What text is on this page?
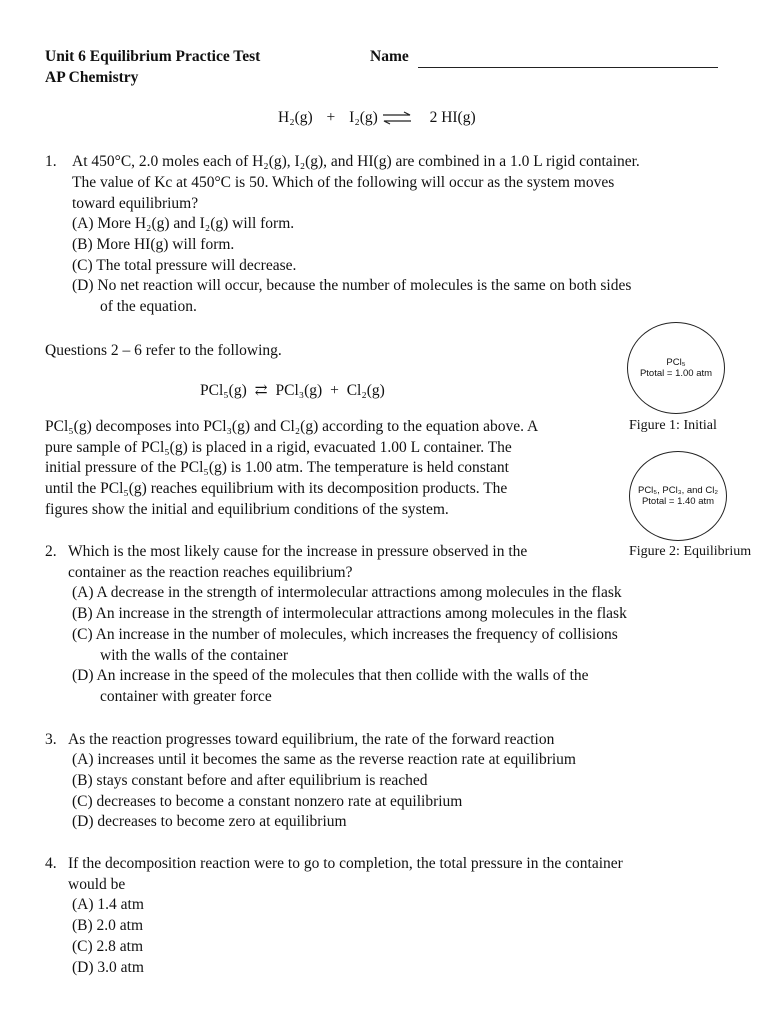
Unit 6 Equilibrium Practice Test
AP Chemistry
Name
H₂(g) + I₂(g) ⇌ 2 HI(g)
1. At 450°C, 2.0 moles each of H₂(g), I₂(g), and HI(g) are combined in a 1.0 L rigid container.
The value of Kc at 450°C is 50. Which of the following will occur as the system moves
toward equilibrium?
(A) More H₂(g) and I₂(g) will form.
(B) More HI(g) will form.
(C) The total pressure will decrease.
(D) No net reaction will occur, because the number of molecules is the same on both sides
of the equation.
Questions 2 – 6 refer to the following.
PCl₅(g) ⇄ PCl₃(g) + Cl₂(g)
PCl₅(g) decomposes into PCl₃(g) and Cl₂(g) according to the equation above. A
pure sample of PCl₅(g) is placed in a rigid, evacuated 1.00 L container. The
initial pressure of the PCl₅(g) is 1.00 atm. The temperature is held constant
until the PCl₅(g) reaches equilibrium with its decomposition products. The
figures show the initial and equilibrium conditions of the system.
PCl₅
Ptotal = 1.00 atm
Figure 1: Initial
PCl₅, PCl₃, and Cl₂
Ptotal = 1.40 atm
Figure 2: Equilibrium
2. Which is the most likely cause for the increase in pressure observed in the
container as the reaction reaches equilibrium?
(A) A decrease in the strength of intermolecular attractions among molecules in the flask
(B) An increase in the strength of intermolecular attractions among molecules in the flask
(C) An increase in the number of molecules, which increases the frequency of collisions
with the walls of the container
(D) An increase in the speed of the molecules that then collide with the walls of the
container with greater force
3. As the reaction progresses toward equilibrium, the rate of the forward reaction
(A) increases until it becomes the same as the reverse reaction rate at equilibrium
(B) stays constant before and after equilibrium is reached
(C) decreases to become a constant nonzero rate at equilibrium
(D) decreases to become zero at equilibrium
4. If the decomposition reaction were to go to completion, the total pressure in the container
would be
(A) 1.4 atm
(B) 2.0 atm
(C) 2.8 atm
(D) 3.0 atm
